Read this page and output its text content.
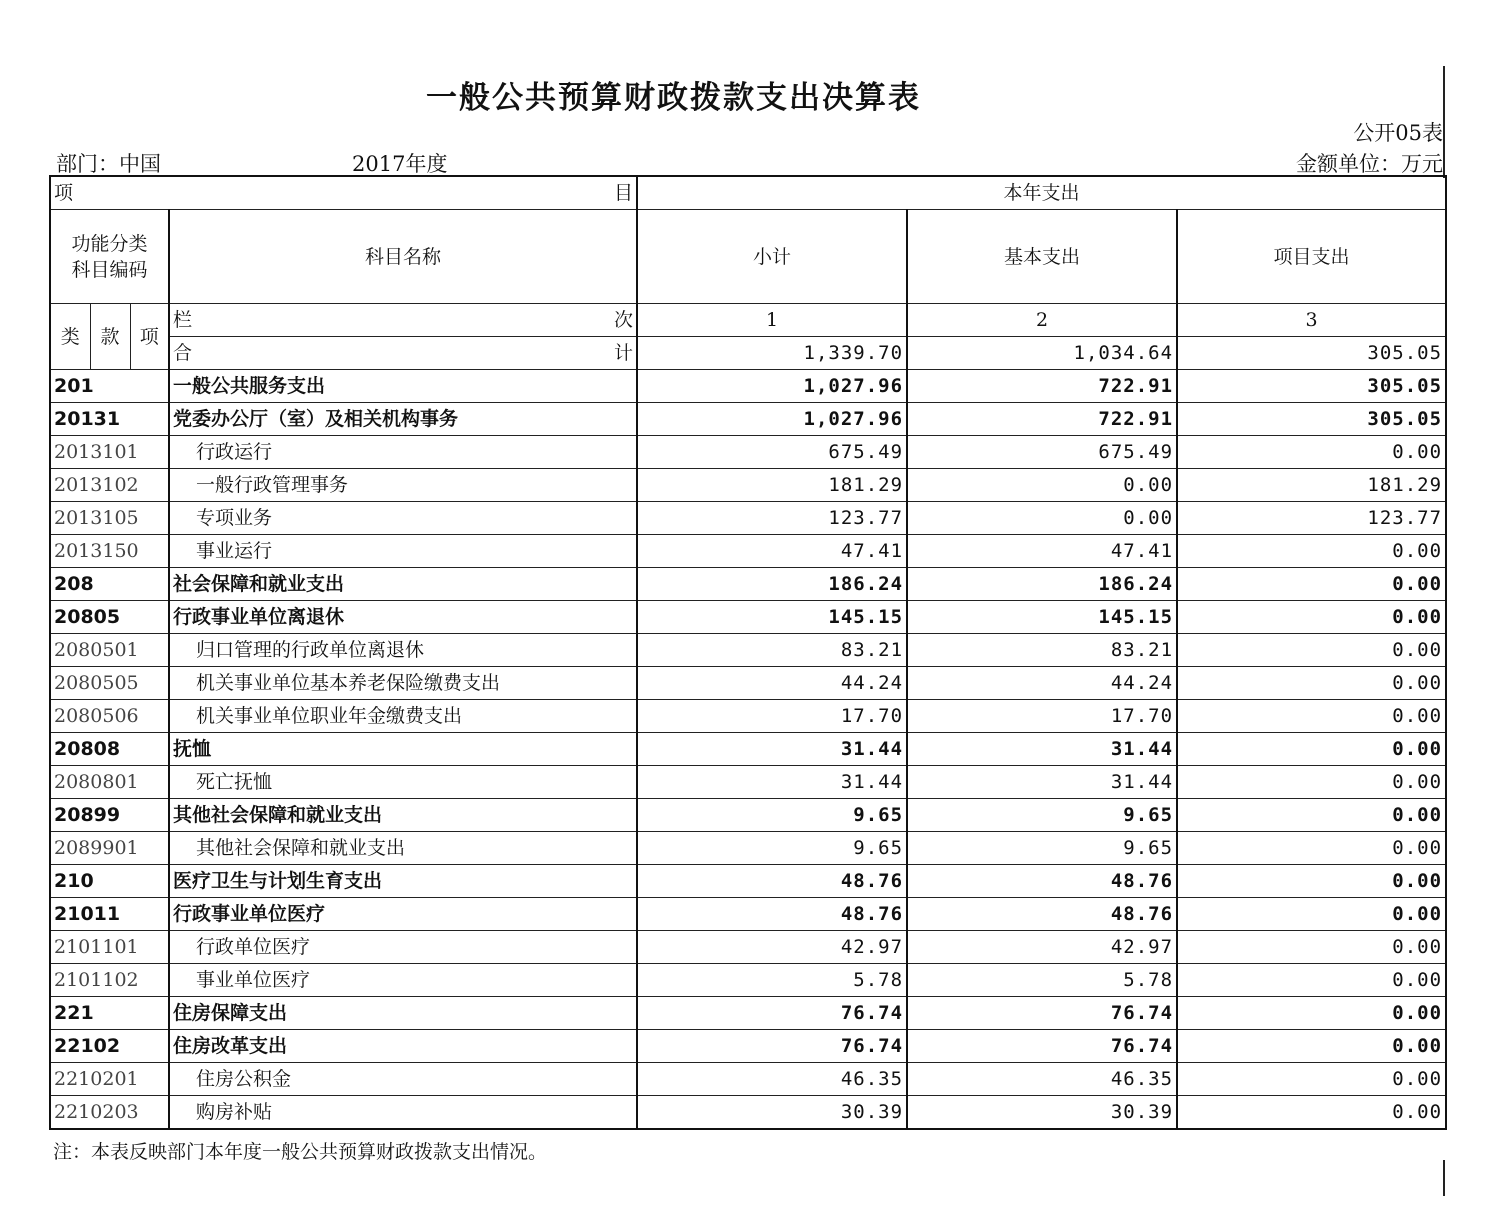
一般公共预算财政拨款支出决算表
公开05表
部门：中国	2017年度	金额单位：万元
项 目				本年支出		
功能分类
科目编码			科目名称	小计	基本支出	项目支出
类	款	项	栏 次	1	2	3

			合 计	1,339.70	1,034.64	305.05
201			一般公共服务支出	1,027.96	722.91	305.05
20131			党委办公厅（室）及相关机构事务	1,027.96	722.91	305.05
2013101			行政运行	675.49	675.49	0.00
2013102			一般行政管理事务	181.29	0.00	181.29
2013105			专项业务	123.77	0.00	123.77
2013150			事业运行	47.41	47.41	0.00
208			社会保障和就业支出	186.24	186.24	0.00
20805			行政事业单位离退休	145.15	145.15	0.00
2080501			归口管理的行政单位离退休	83.21	83.21	0.00
2080505			机关事业单位基本养老保险缴费支出	44.24	44.24	0.00
2080506			机关事业单位职业年金缴费支出	17.70	17.70	0.00
20808			抚恤	31.44	31.44	0.00
2080801			死亡抚恤	31.44	31.44	0.00
20899			其他社会保障和就业支出	9.65	9.65	0.00
2089901			其他社会保障和就业支出	9.65	9.65	0.00
210			医疗卫生与计划生育支出	48.76	48.76	0.00
21011			行政事业单位医疗	48.76	48.76	0.00
2101101			行政单位医疗	42.97	42.97	0.00
2101102			事业单位医疗	5.78	5.78	0.00
221			住房保障支出	76.74	76.74	0.00
22102			住房改革支出	76.74	76.74	0.00
2210201			住房公积金	46.35	46.35	0.00
2210203			购房补贴	30.39	30.39	0.00
注：本表反映部门本年度一般公共预算财政拨款支出情况。
